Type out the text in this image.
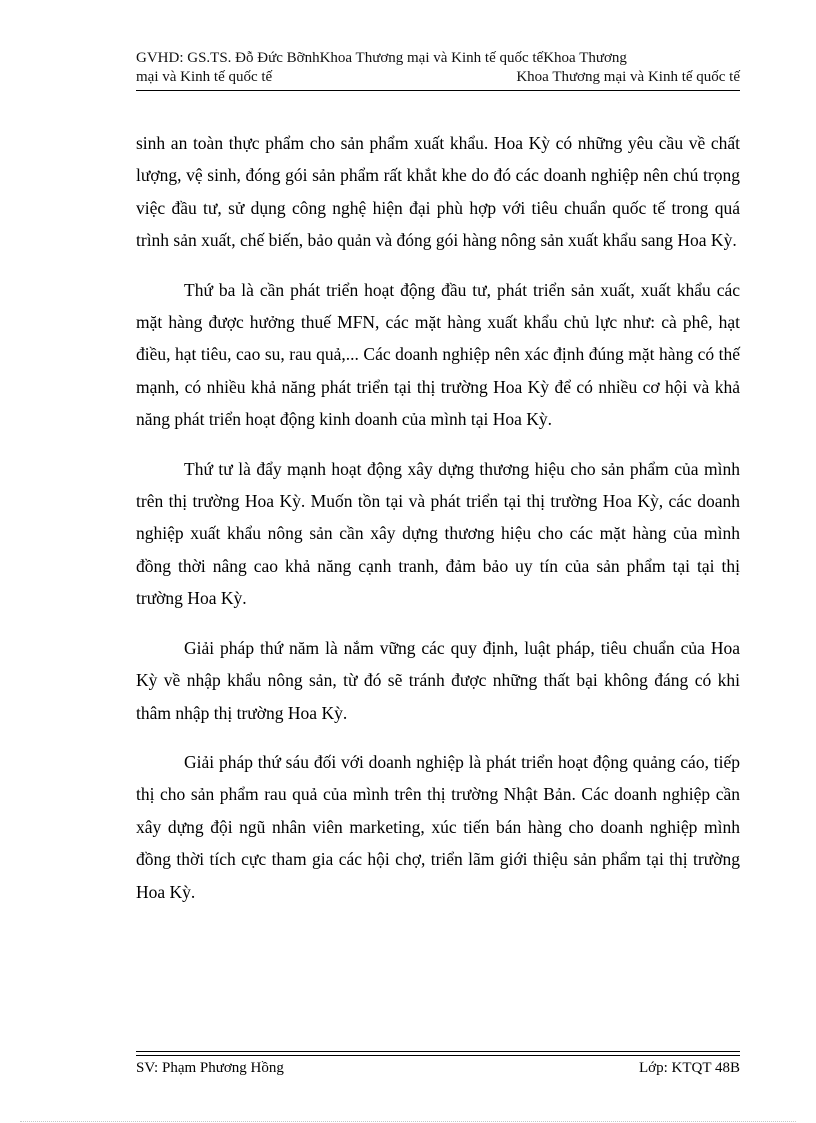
GVHD: GS.TS. Đỗ Đức BỡnhKhoa Thương mại và Kinh tế quốc tếKhoa Thương
mại và Kinh tế quốc tế	Khoa Thương mại và Kinh tế quốc tế

sinh an toàn thực phẩm cho sản phẩm xuất khẩu. Hoa Kỳ có những yêu cầu về chất lượng, vệ sinh, đóng gói sản phẩm rất khắt khe do đó các doanh nghiệp nên chú trọng việc đầu tư, sử dụng công nghệ hiện đại phù hợp với tiêu chuẩn quốc tế trong quá trình sản xuất, chế biến, bảo quản và đóng gói hàng nông sản xuất khẩu sang Hoa Kỳ.

Thứ ba là cần phát triển hoạt động đầu tư, phát triển sản xuất, xuất khẩu các mặt hàng được hưởng thuế MFN, các mặt hàng xuất khẩu chủ lực như: cà phê, hạt điều, hạt tiêu, cao su, rau quả,... Các doanh nghiệp nên xác định đúng mặt hàng có thế mạnh, có nhiều khả năng phát triển tại thị trường Hoa Kỳ để có nhiều cơ hội và khả năng phát triển hoạt động kinh doanh của mình tại Hoa Kỳ.

Thứ tư là đẩy mạnh hoạt động xây dựng thương hiệu cho sản phẩm của mình trên thị trường Hoa Kỳ. Muốn tồn tại và phát triển tại thị trường Hoa Kỳ, các doanh nghiệp xuất khẩu nông sản cần xây dựng thương hiệu cho các mặt hàng của mình đồng thời nâng cao khả năng cạnh tranh, đảm bảo uy tín của sản phẩm tại tại thị trường Hoa Kỳ.

Giải pháp thứ năm là nắm vững các quy định, luật pháp, tiêu chuẩn của Hoa Kỳ về nhập khẩu nông sản, từ đó sẽ tránh được những thất bại không đáng có khi thâm nhập thị trường Hoa Kỳ.

Giải pháp thứ sáu đối với doanh nghiệp là phát triển hoạt động quảng cáo, tiếp thị cho sản phẩm rau quả của mình trên thị trường Nhật Bản. Các doanh nghiệp cần xây dựng đội ngũ nhân viên marketing, xúc tiến bán hàng cho doanh nghiệp mình đồng thời tích cực tham gia các hội chợ, triển lãm giới thiệu sản phẩm tại thị trường Hoa Kỳ.

SV: Phạm Phương Hồng	Lớp: KTQT 48B
